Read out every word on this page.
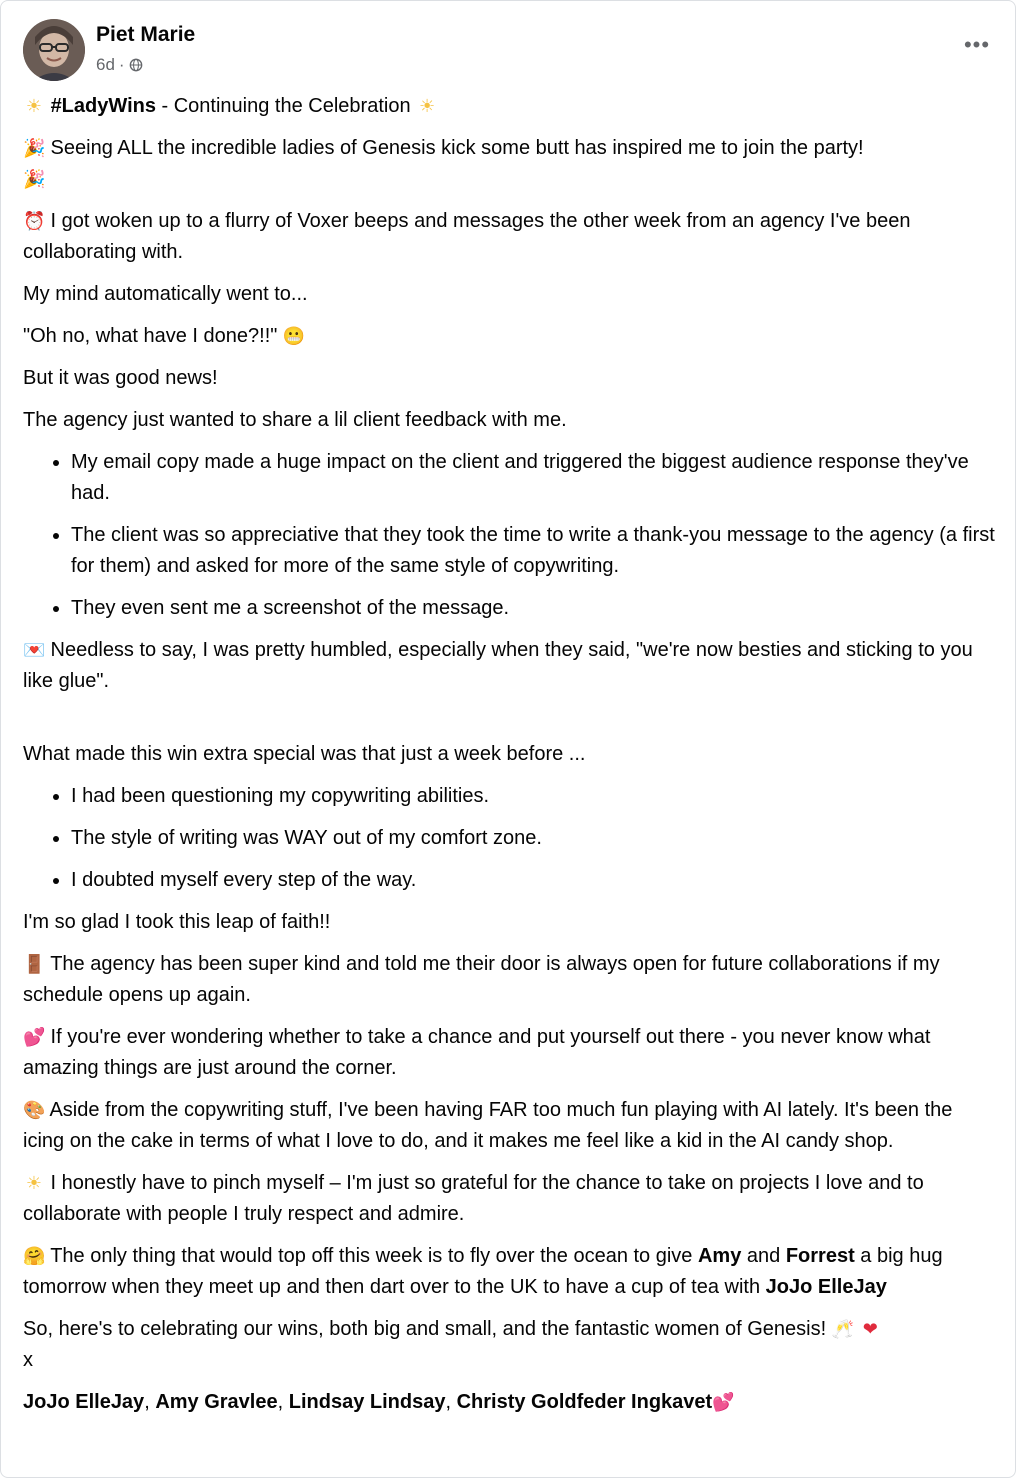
Piet Marie
6d ·
•••

☀ #LadyWins - Continuing the Celebration ☀

🎉 Seeing ALL the incredible ladies of Genesis kick some butt has inspired me to join the party!
🎉

⏰ I got woken up to a flurry of Voxer beeps and messages the other week from an agency I've been collaborating with.

My mind automatically went to...

"Oh no, what have I done?!!" 😬

But it was good news!

The agency just wanted to share a lil client feedback with me.

• My email copy made a huge impact on the client and triggered the biggest audience response they've had.
• The client was so appreciative that they took the time to write a thank-you message to the agency (a first for them) and asked for more of the same style of copywriting.
• They even sent me a screenshot of the message.

💌 Needless to say, I was pretty humbled, especially when they said, "we're now besties and sticking to you like glue".

What made this win extra special was that just a week before ...

• I had been questioning my copywriting abilities.
• The style of writing was WAY out of my comfort zone.
• I doubted myself every step of the way.

I'm so glad I took this leap of faith!!

🚪 The agency has been super kind and told me their door is always open for future collaborations if my schedule opens up again.

💕 If you're ever wondering whether to take a chance and put yourself out there - you never know what amazing things are just around the corner.

🎨 Aside from the copywriting stuff, I've been having FAR too much fun playing with AI lately. It's been the icing on the cake in terms of what I love to do, and it makes me feel like a kid in the AI candy shop.

☀ I honestly have to pinch myself – I'm just so grateful for the chance to take on projects I love and to collaborate with people I truly respect and admire.

🤗 The only thing that would top off this week is to fly over the ocean to give Amy and Forrest a big hug tomorrow when they meet up and then dart over to the UK to have a cup of tea with JoJo ElleJay

So, here's to celebrating our wins, both big and small, and the fantastic women of Genesis! 🥂 ❤
x

JoJo ElleJay, Amy Gravlee, Lindsay Lindsay, Christy Goldfeder Ingkavet💕
